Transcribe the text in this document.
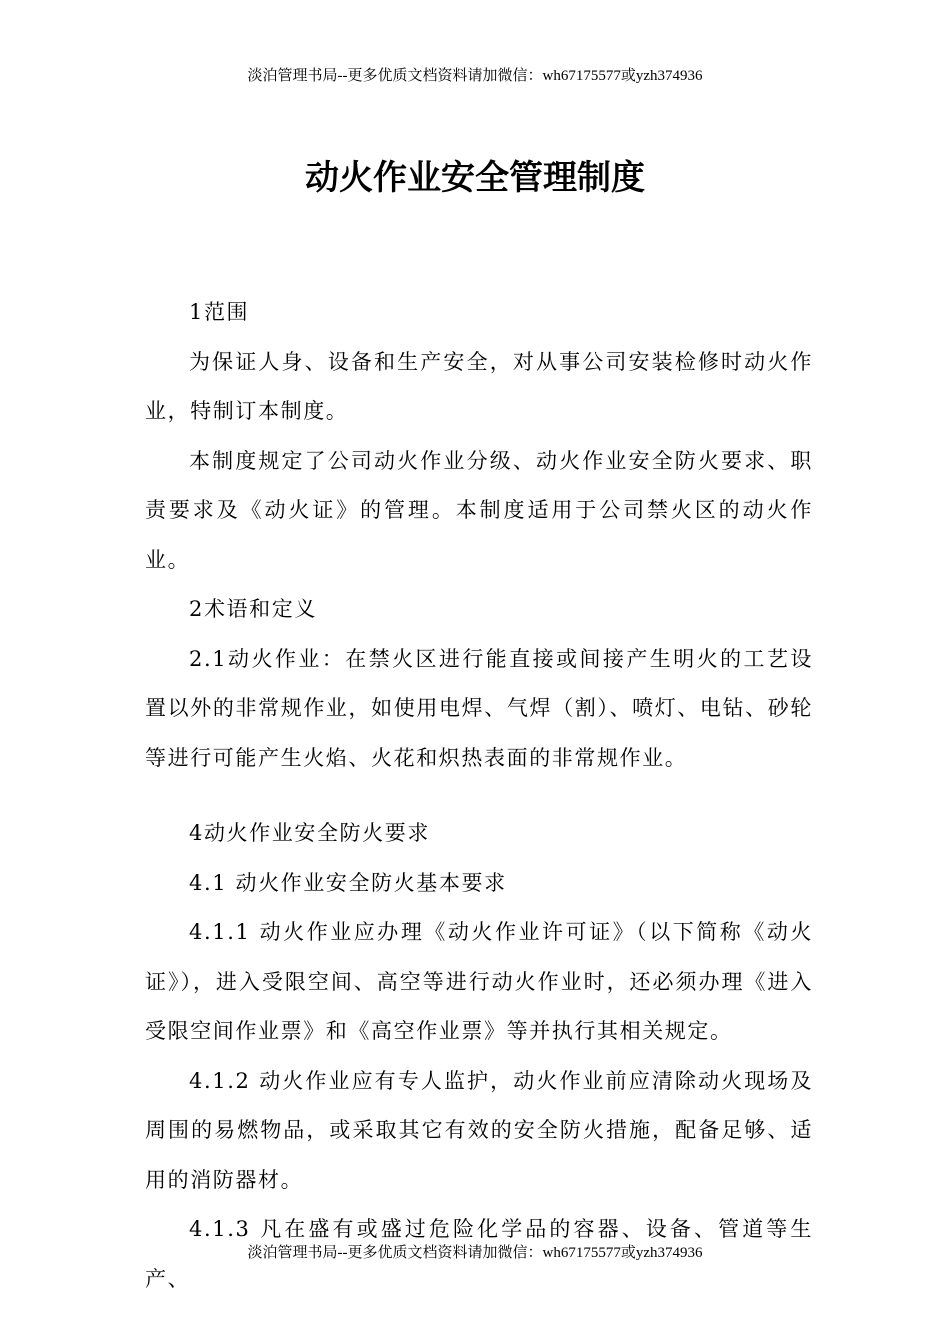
淡泊管理书局--更多优质文档资料请加微信：wh67175577或yzh374936
动火作业安全管理制度

1范围

为保证人身、设备和生产安全，对从事公司安装检修时动火作业，特制订本制度。

本制度规定了公司动火作业分级、动火作业安全防火要求、职责要求及《动火证》的管理。本制度适用于公司禁火区的动火作业。

2术语和定义

2.1动火作业：在禁火区进行能直接或间接产生明火的工艺设置以外的非常规作业，如使用电焊、气焊（割）、喷灯、电钻、砂轮等进行可能产生火焰、火花和炽热表面的非常规作业。

4动火作业安全防火要求

4.1 动火作业安全防火基本要求

4.1.1 动火作业应办理《动火作业许可证》（以下简称《动火证》），进入受限空间、高空等进行动火作业时，还必须办理《进入受限空间作业票》和《高空作业票》等并执行其相关规定。

4.1.2 动火作业应有专人监护，动火作业前应清除动火现场及周围的易燃物品，或采取其它有效的安全防火措施，配备足够、适用的消防器材。

4.1.3 凡在盛有或盛过危险化学品的容器、设备、管道等生产、

淡泊管理书局--更多优质文档资料请加微信：wh67175577或yzh374936
